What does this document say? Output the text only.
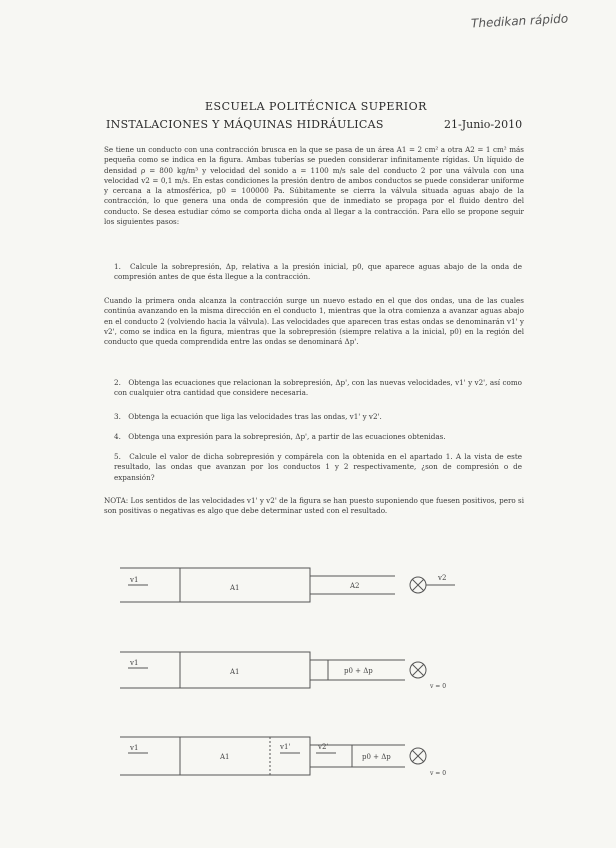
Thedikan rápido
ESCUELA POLITÉCNICA SUPERIOR
INSTALACIONES Y MÁQUINAS HIDRÁULICAS	21-Junio-2010
Se tiene un conducto con una contracción brusca en la que se pasa de un área A1 = 2 cm² a otra A2 = 1 cm² más pequeña como se indica en la figura. Ambas tuberías se pueden considerar infinitamente rígidas. Un líquido de densidad ρ = 800 kg/m³ y velocidad del sonido a = 1100 m/s sale del conducto 2 por una válvula con una velocidad v2 = 0,1 m/s. En estas condiciones la presión dentro de ambos conductos se puede considerar uniforme y cercana a la atmosférica, p0 = 100000 Pa. Súbitamente se cierra la válvula situada aguas abajo de la contracción, lo que genera una onda de compresión que de inmediato se propaga por el fluido dentro del conducto. Se desea estudiar cómo se comporta dicha onda al llegar a la contracción. Para ello se propone seguir los siguientes pasos:
1. Calcule la sobrepresión, Δp, relativa a la presión inicial, p0, que aparece aguas abajo de la onda de compresión antes de que ésta llegue a la contracción.
Cuando la primera onda alcanza la contracción surge un nuevo estado en el que dos ondas, una de las cuales continúa avanzando en la misma dirección en el conducto 1, mientras que la otra comienza a avanzar aguas abajo en el conducto 2 (volviendo hacia la válvula). Las velocidades que aparecen tras estas ondas se denominarán v1' y v2', como se indica en la figura, mientras que la sobrepresión (siempre relativa a la inicial, p0) en la región del conducto que queda comprendida entre las ondas se denominará Δp'.
2. Obtenga las ecuaciones que relacionan la sobrepresión, Δp', con las nuevas velocidades, v1' y v2', así como con cualquier otra cantidad que considere necesaria.
3. Obtenga la ecuación que liga las velocidades tras las ondas, v1' y v2'.
4. Obtenga una expresión para la sobrepresión, Δp', a partir de las ecuaciones obtenidas.
5. Calcule el valor de dicha sobrepresión y compárela con la obtenida en el apartado 1. A la vista de este resultado, las ondas que avanzan por los conductos 1 y 2 respectivamente, ¿son de compresión o de expansión?
NOTA: Los sentidos de las velocidades v1' y v2' de la figura se han puesto suponiendo que fuesen positivos, pero si son positivas o negativas es algo que debe determinar usted con el resultado.
v1
A1	A2
v2
v1
A1	p0 + Δp
v = 0
v1
A1
v1'	v2'
p0 + Δp
v = 0
